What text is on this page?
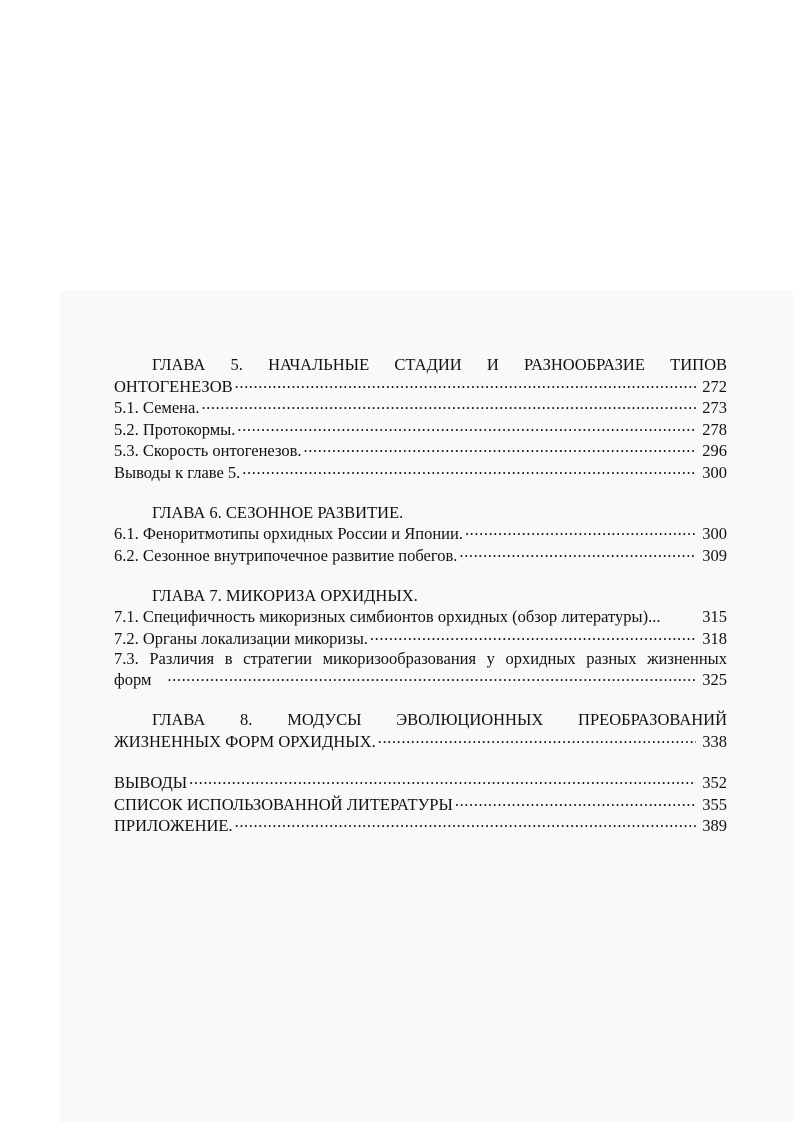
ГЛАВА 5. НАЧАЛЬНЫЕ СТАДИИ И РАЗНООБРАЗИЕ ТИПОВ
ОНТОГЕНЕЗОВ .....	272
5.1. Семена. .....	273
5.2. Протокормы. .....	278
5.3. Скорость онтогенезов. .....	296
Выводы к главе 5. .....	300
ГЛАВА 6. СЕЗОННОЕ РАЗВИТИЕ.
6.1. Феноритмотипы орхидных России и Японии. .....	300
6.2. Сезонное внутрипочечное развитие побегов. .....	309
ГЛАВА 7. МИКОРИЗА ОРХИДНЫХ.
7.1. Специфичность микоризных симбионтов орхидных (обзор литературы)...	315
7.2. Органы локализации микоризы. .....	318
7.3. Различия в стратегии микоризообразования у орхидных разных жизненных
форм .....	325
ГЛАВА 8. МОДУСЫ ЭВОЛЮЦИОННЫХ ПРЕОБРАЗОВАНИЙ
ЖИЗНЕННЫХ ФОРМ ОРХИДНЫХ. .....	338
ВЫВОДЫ .....	352
СПИСОК ИСПОЛЬЗОВАННОЙ ЛИТЕРАТУРЫ .....	355
ПРИЛОЖЕНИЕ. .....	389
